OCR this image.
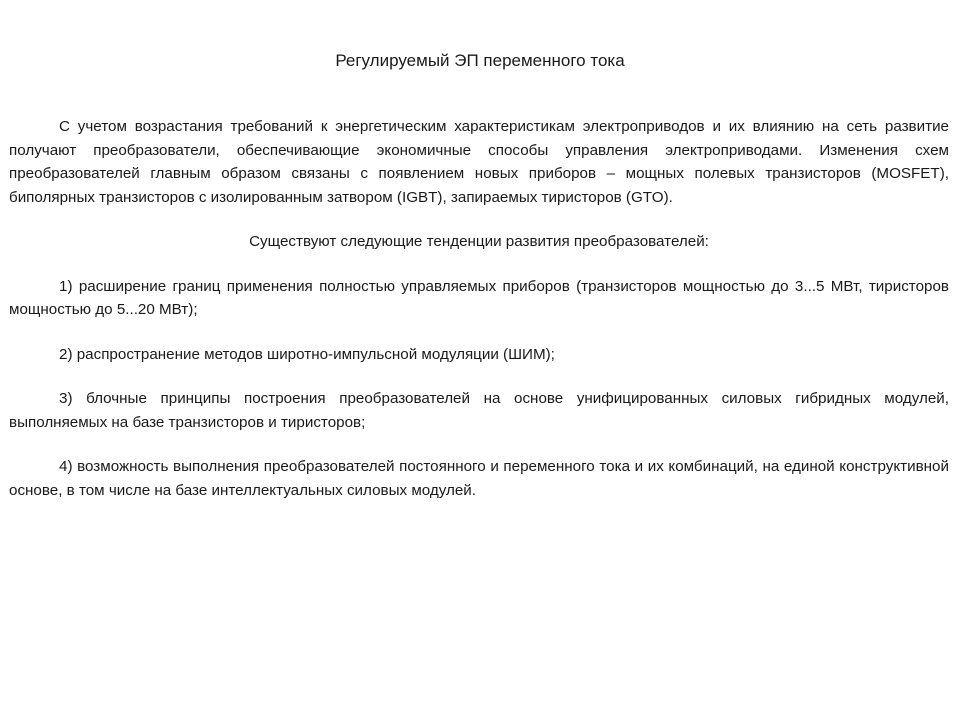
Регулируемый ЭП переменного тока

С учетом возрастания требований к энергетическим характеристикам электроприводов и их влиянию на сеть развитие получают преобразователи, обеспечивающие экономичные способы управления электроприводами. Изменения схем преобразователей главным образом связаны с появлением новых приборов – мощных полевых транзисторов (MOSFET), биполярных транзисторов с изолированным затвором (IGBT), запираемых тиристоров (GTO).

Существуют следующие тенденции развития преобразователей:

1) расширение границ применения полностью управляемых приборов (транзисторов мощностью до 3...5 МВт, тиристоров мощностью до 5...20 МВт);

2) распространение методов широтно-импульсной модуляции (ШИМ);

3) блочные принципы построения преобразователей на основе унифицированных силовых гибридных модулей, выполняемых на базе транзисторов и тиристоров;

4) возможность выполнения преобразователей постоянного и переменного тока и их комбинаций, на единой конструктивной основе, в том числе на базе интеллектуальных силовых модулей.
